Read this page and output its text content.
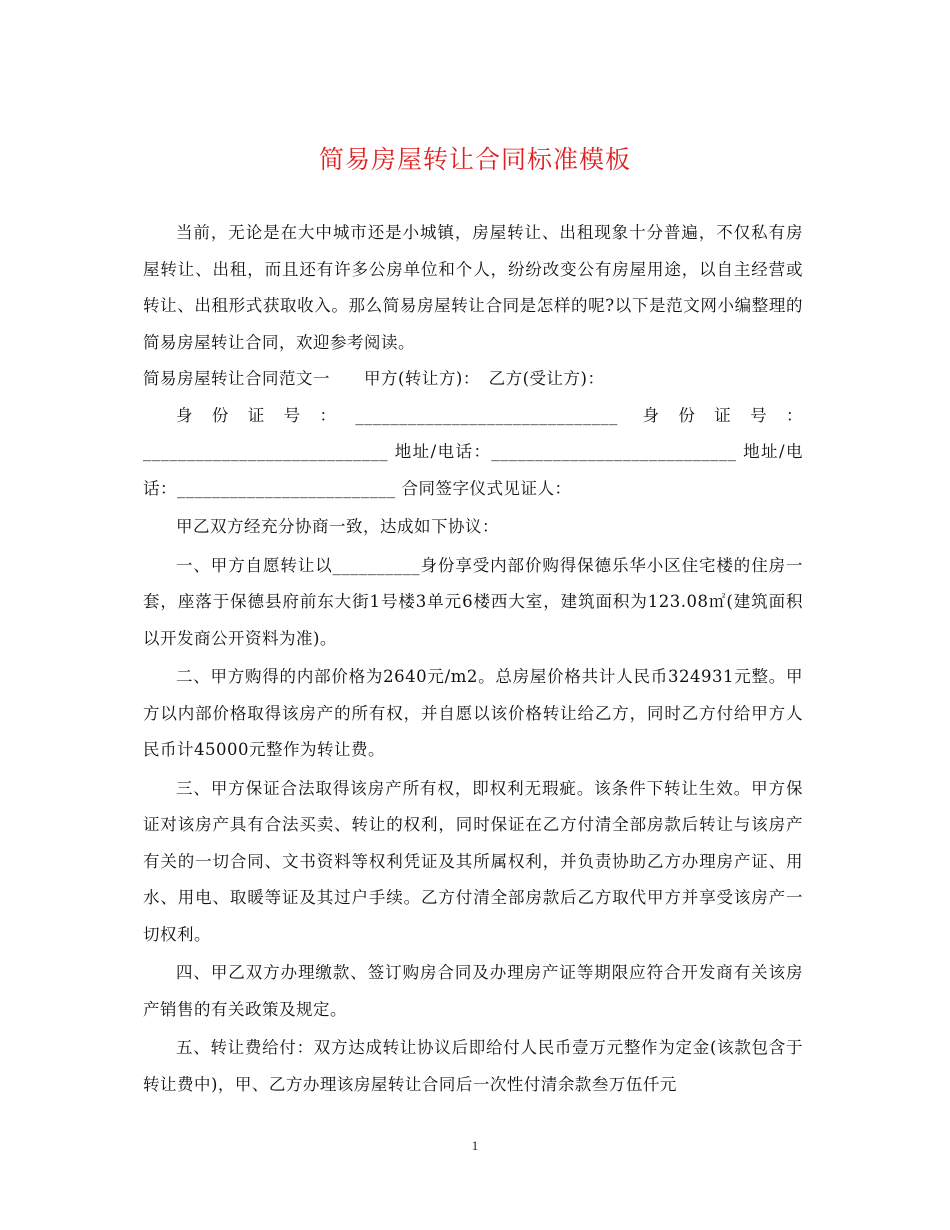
简易房屋转让合同标准模板

当前，无论是在大中城市还是小城镇，房屋转让、出租现象十分普遍，不仅私有房屋转让、出租，而且还有许多公房单位和个人，纷纷改变公有房屋用途，以自主经营或转让、出租形式获取收入。那么简易房屋转让合同是怎样的呢?以下是范文网小编整理的简易房屋转让合同，欢迎参考阅读。

简易房屋转让合同范文一　　甲方(转让方)：　乙方(受让方)：

身份证号：______________________________ 身份证号：____________________________ 地址/电话：____________________________ 地址/电话：_________________________ 合同签字仪式见证人：

甲乙双方经充分协商一致，达成如下协议：

一、甲方自愿转让以__________身份享受内部价购得保德乐华小区住宅楼的住房一套，座落于保德县府前东大街1号楼3单元6楼西大室，建筑面积为123.08㎡(建筑面积以开发商公开资料为准)。

二、甲方购得的内部价格为2640元/m2。总房屋价格共计人民币324931元整。甲方以内部价格取得该房产的所有权，并自愿以该价格转让给乙方，同时乙方付给甲方人民币计45000元整作为转让费。

三、甲方保证合法取得该房产所有权，即权利无瑕疵。该条件下转让生效。甲方保证对该房产具有合法买卖、转让的权利，同时保证在乙方付清全部房款后转让与该房产有关的一切合同、文书资料等权利凭证及其所属权利，并负责协助乙方办理房产证、用水、用电、取暖等证及其过户手续。乙方付清全部房款后乙方取代甲方并享受该房产一切权利。

四、甲乙双方办理缴款、签订购房合同及办理房产证等期限应符合开发商有关该房产销售的有关政策及规定。

五、转让费给付：双方达成转让协议后即给付人民币壹万元整作为定金(该款包含于转让费中)，甲、乙方办理该房屋转让合同后一次性付清余款叁万伍仟元

1
